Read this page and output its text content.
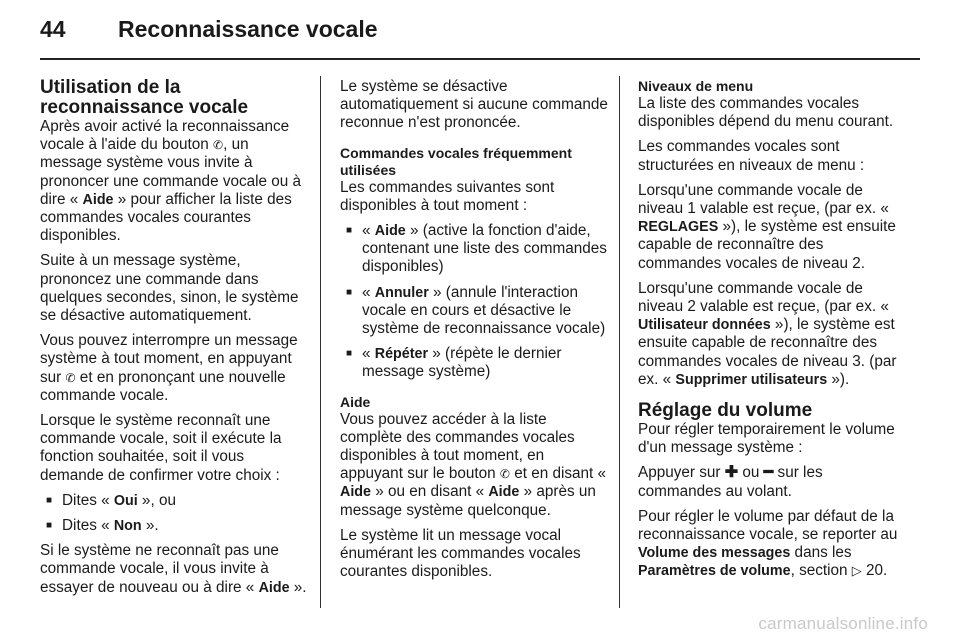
44	Reconnaissance vocale
Utilisation de la reconnaissance vocale

Après avoir activé la reconnaissance vocale à l'aide du bouton ✆, un message système vous invite à prononcer une commande vocale ou à dire « Aide » pour afficher la liste des commandes vocales courantes disponibles.

Suite à un message système, prononcez une commande dans quelques secondes, sinon, le système se désactive automatiquement.

Vous pouvez interrompre un message système à tout moment, en appuyant sur ✆ et en prononçant une nouvelle commande vocale.

Lorsque le système reconnaît une commande vocale, soit il exécute la fonction souhaitée, soit il vous demande de confirmer votre choix :

■ Dites « Oui », ou
■ Dites « Non ».

Si le système ne reconnaît pas une commande vocale, il vous invite à essayer de nouveau ou à dire « Aide ».

Le système se désactive automatiquement si aucune commande reconnue n'est prononcée.

Commandes vocales fréquemment utilisées

Les commandes suivantes sont disponibles à tout moment :

■ « Aide » (active la fonction d'aide, contenant une liste des commandes disponibles)
■ « Annuler » (annule l'interaction vocale en cours et désactive le système de reconnaissance vocale)
■ « Répéter » (répète le dernier message système)
Aide

Vous pouvez accéder à la liste complète des commandes vocales disponibles à tout moment, en appuyant sur le bouton ✆ et en disant « Aide » ou en disant « Aide » après un message système quelconque.

Le système lit un message vocal énumérant les commandes vocales courantes disponibles.

Niveaux de menu

La liste des commandes vocales disponibles dépend du menu courant.

Les commandes vocales sont structurées en niveaux de menu :

Lorsqu'une commande vocale de niveau 1 valable est reçue, (par ex. « REGLAGES »), le système est ensuite capable de reconnaître des commandes vocales de niveau 2.

Lorsqu'une commande vocale de niveau 2 valable est reçue, (par ex. « Utilisateur données »), le système est ensuite capable de reconnaître des commandes vocales de niveau 3. (par ex. « Supprimer utilisateurs »).

Réglage du volume

Pour régler temporairement le volume d'un message système :

Appuyer sur ✚ ou ━ sur les commandes au volant.

Pour régler le volume par défaut de la reconnaissance vocale, se reporter au Volume des messages dans les Paramètres de volume, section ▷ 20.

carmanualsonline.info
